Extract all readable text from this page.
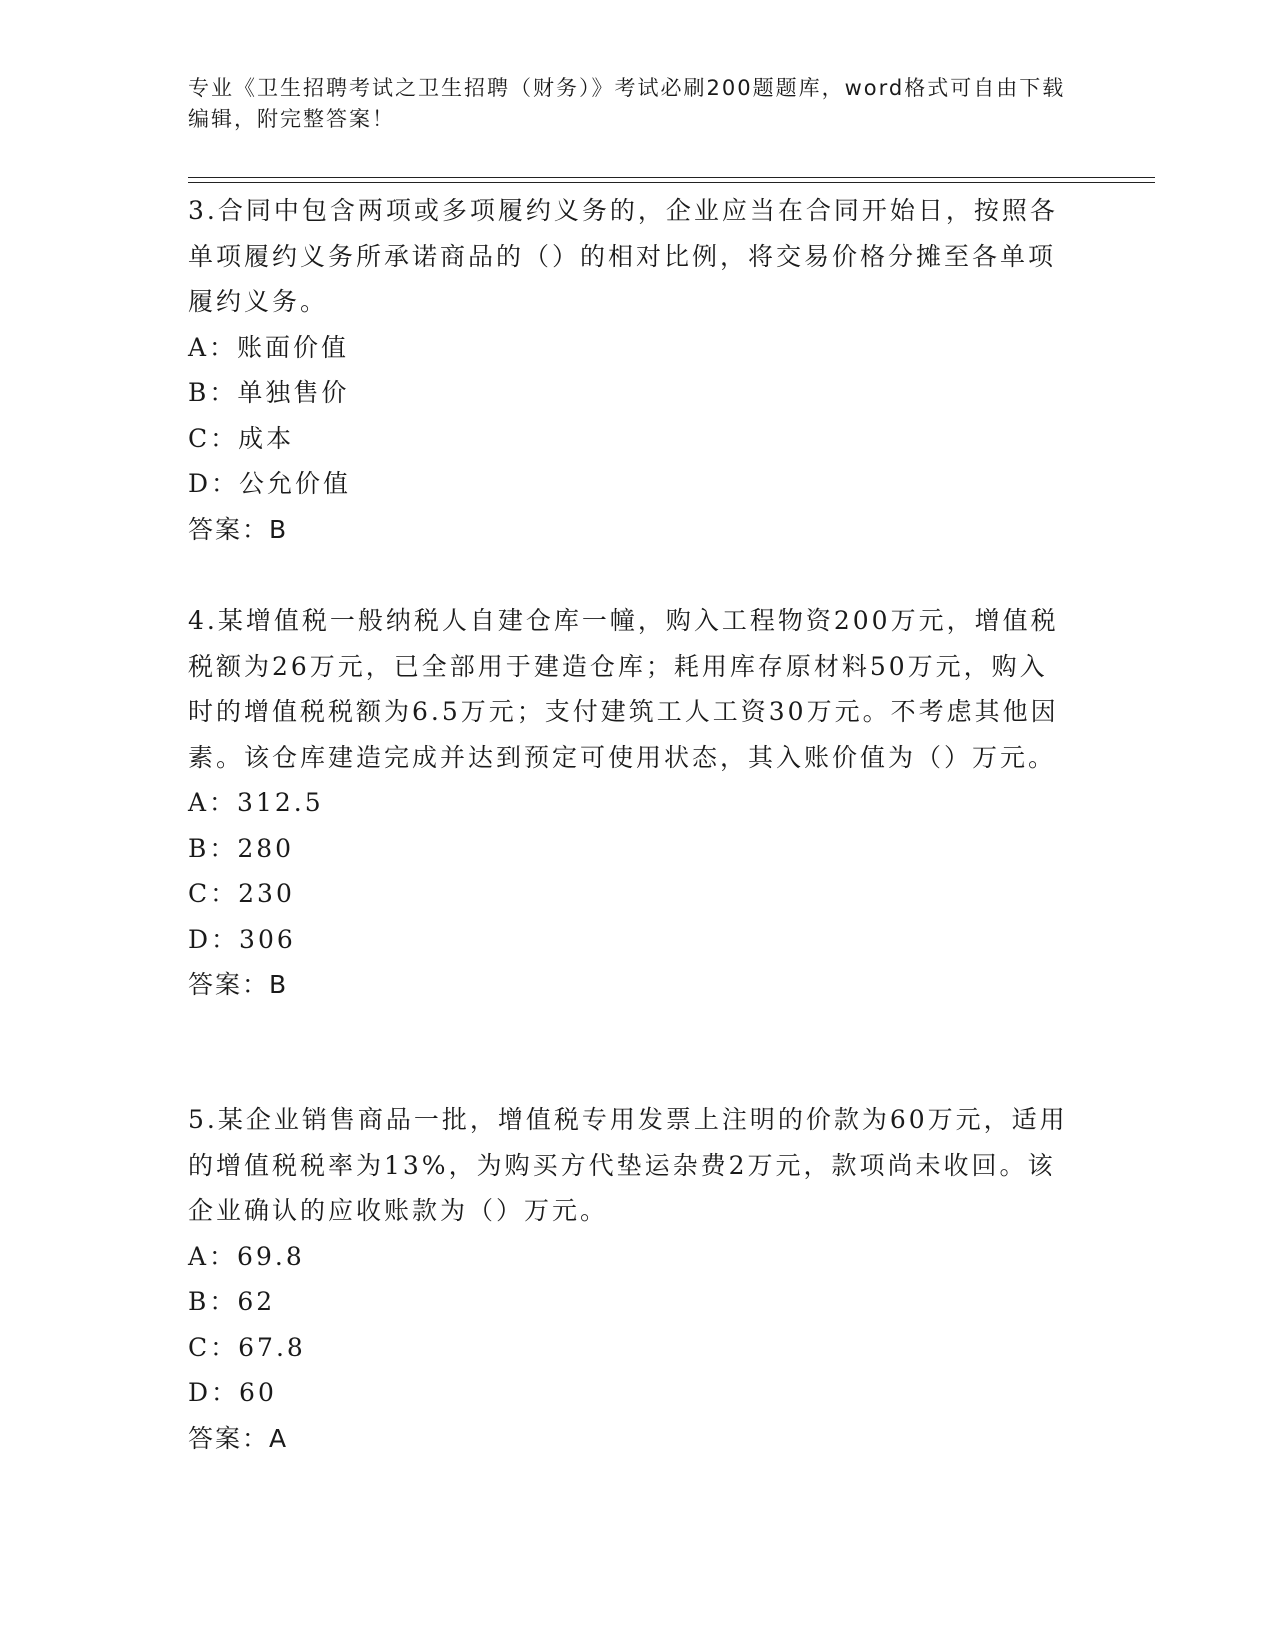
专业《卫生招聘考试之卫生招聘（财务）》考试必刷200题题库，word格式可自由下载编辑，附完整答案！

3.合同中包含两项或多项履约义务的，企业应当在合同开始日，按照各单项履约义务所承诺商品的（）的相对比例，将交易价格分摊至各单项履约义务。

A：账面价值

B：单独售价

C：成本

D：公允价值

答案：B

4.某增值税一般纳税人自建仓库一幢，购入工程物资200万元，增值税税额为26万元，已全部用于建造仓库；耗用库存原材料50万元，购入时的增值税税额为6.5万元；支付建筑工人工资30万元。不考虑其他因素。该仓库建造完成并达到预定可使用状态，其入账价值为（）万元。

A：312.5

B：280

C：230

D：306

答案：B

5.某企业销售商品一批，增值税专用发票上注明的价款为60万元，适用的增值税税率为13%，为购买方代垫运杂费2万元，款项尚未收回。该企业确认的应收账款为（）万元。

A：69.8

B：62

C：67.8

D：60

答案：A
